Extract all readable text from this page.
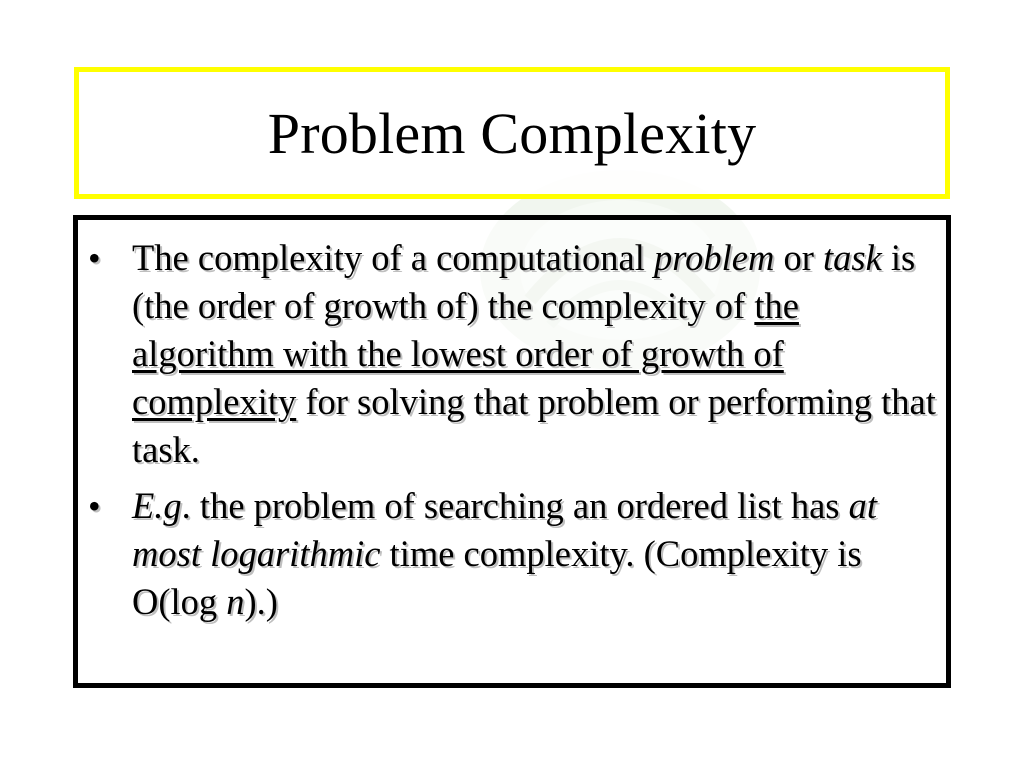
Problem Complexity
• The complexity of a computational problem or task is (the order of growth of) the complexity of the algorithm with the lowest order of growth of complexity for solving that problem or performing that task.
• E.g. the problem of searching an ordered list has at most logarithmic time complexity. (Complexity is O(log n).)
